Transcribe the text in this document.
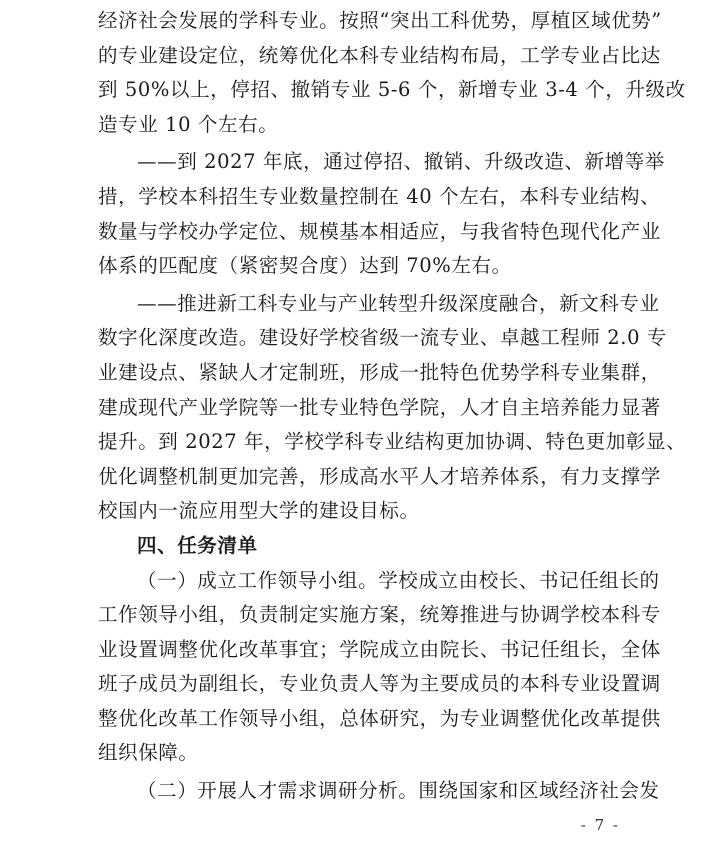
经济社会发展的学科专业。按照“突出工科优势，厚植区域优势”
的专业建设定位，统筹优化本科专业结构布局，工学专业占比达
到 50%以上，停招、撤销专业 5-6 个，新增专业 3-4 个，升级改
造专业 10 个左右。
——到 2027 年底，通过停招、撤销、升级改造、新增等举
措，学校本科招生专业数量控制在 40 个左右，本科专业结构、
数量与学校办学定位、规模基本相适应，与我省特色现代化产业
体系的匹配度（紧密契合度）达到 70%左右。
——推进新工科专业与产业转型升级深度融合，新文科专业
数字化深度改造。建设好学校省级一流专业、卓越工程师 2.0 专
业建设点、紧缺人才定制班，形成一批特色优势学科专业集群，
建成现代产业学院等一批专业特色学院，人才自主培养能力显著
提升。到 2027 年，学校学科专业结构更加协调、特色更加彰显、
优化调整机制更加完善，形成高水平人才培养体系，有力支撑学
校国内一流应用型大学的建设目标。
四、任务清单
（一）成立工作领导小组。学校成立由校长、书记任组长的
工作领导小组，负责制定实施方案，统筹推进与协调学校本科专
业设置调整优化改革事宜；学院成立由院长、书记任组长，全体
班子成员为副组长，专业负责人等为主要成员的本科专业设置调
整优化改革工作领导小组，总体研究，为专业调整优化改革提供
组织保障。
（二）开展人才需求调研分析。围绕国家和区域经济社会发
- 7 -
